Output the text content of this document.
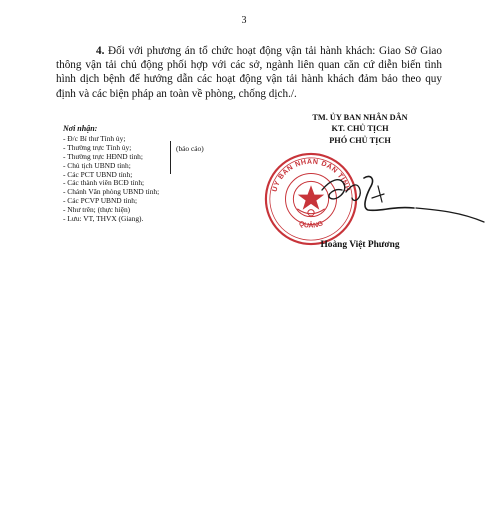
3

4. Đối với phương án tổ chức hoạt động vận tải hành khách: Giao Sở Giao thông vận tải chủ động phối hợp với các sở, ngành liên quan căn cứ diễn biến tình hình dịch bệnh để hướng dẫn các hoạt động vận tải hành khách đảm bảo theo quy định và các biện pháp an toàn về phòng, chống dịch./.

Nơi nhận:
- Đ/c Bí thư Tỉnh ủy;
- Thường trực Tỉnh ủy;
- Thường trực HĐND tỉnh;
- Chủ tịch UBND tỉnh;
- Các PCT UBND tỉnh;
- Các thành viên BCĐ tỉnh;
- Chánh Văn phòng UBND tỉnh;
- Các PCVP UBND tỉnh;
- Như trên; (thực hiện)
- Lưu: VT, THVX (Giang).
(báo cáo)
TM. ỦY BAN NHÂN DÂN
KT. CHỦ TỊCH
PHÓ CHỦ TỊCH
ỦY BAN NHÂN DÂN TỈNH
QUẢNG
Hoàng Việt Phương
